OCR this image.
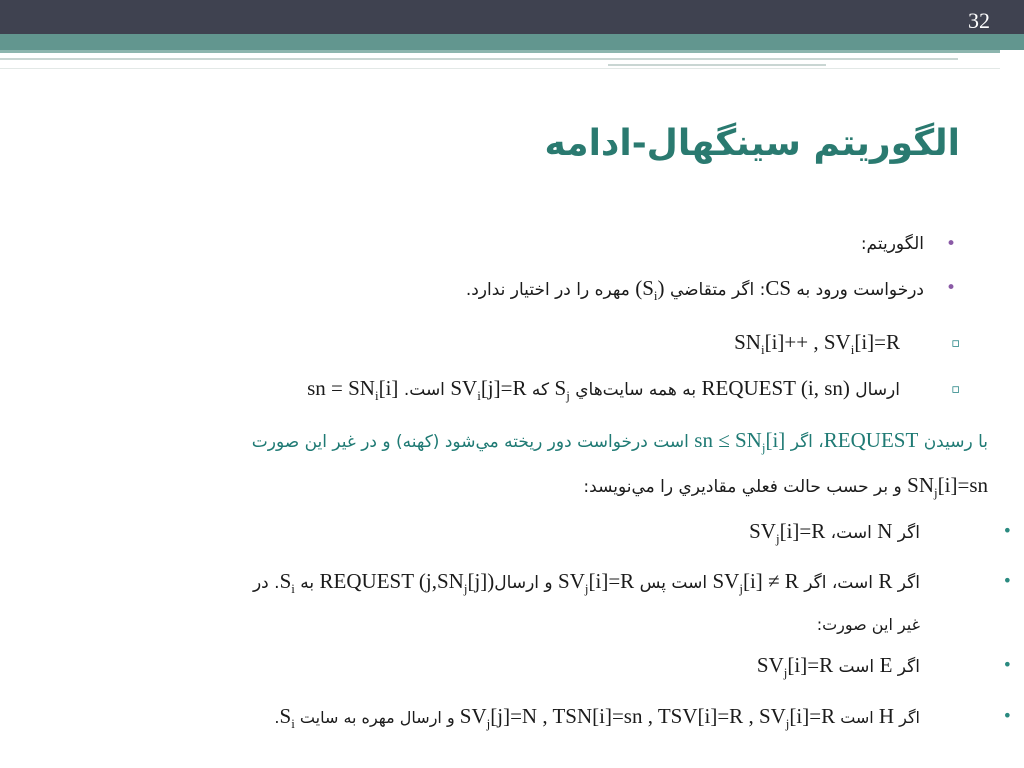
32
الگوريتم سينگهال-ادامه
•
الگوريتم:
•
درخواست ورود به CS: اگر متقاضي $(S_i)$ مهره را در اختيار ندارد.
▫
$SN_i[i]++$ , $SV_i[i]=R$
▫
ارسال REQUEST (i, sn) به همه سايت‌هاي $S_j$ که $SV_i[j]=R$ است. sn = $SN_i[i]$
با رسيدن REQUEST، اگر sn ≤ $SN_j[i]$ است درخواست دور ريخته مي‌شود (کهنه) و در غير اين صورت
$SN_j[i]=sn$ و بر حسب حالت فعلي مقاديري را مي‌نويسد:
•
اگر N است، $SV_j[i]=R$
•
اگر R است، اگر $SV_j[i] \ne R$ است پس $SV_j[i]=R$ و ارسالREQUEST $(j,SN_j[j])$ به $S_i$. در
غير اين صورت:
•
اگر E است $SV_j[i]=R$
•
اگر H است $SV_j[j]=N$ , TSN[i]=sn , TSV[i]=R , $SV_j[i]=R$ و ارسال مهره به سايت $S_i$.
